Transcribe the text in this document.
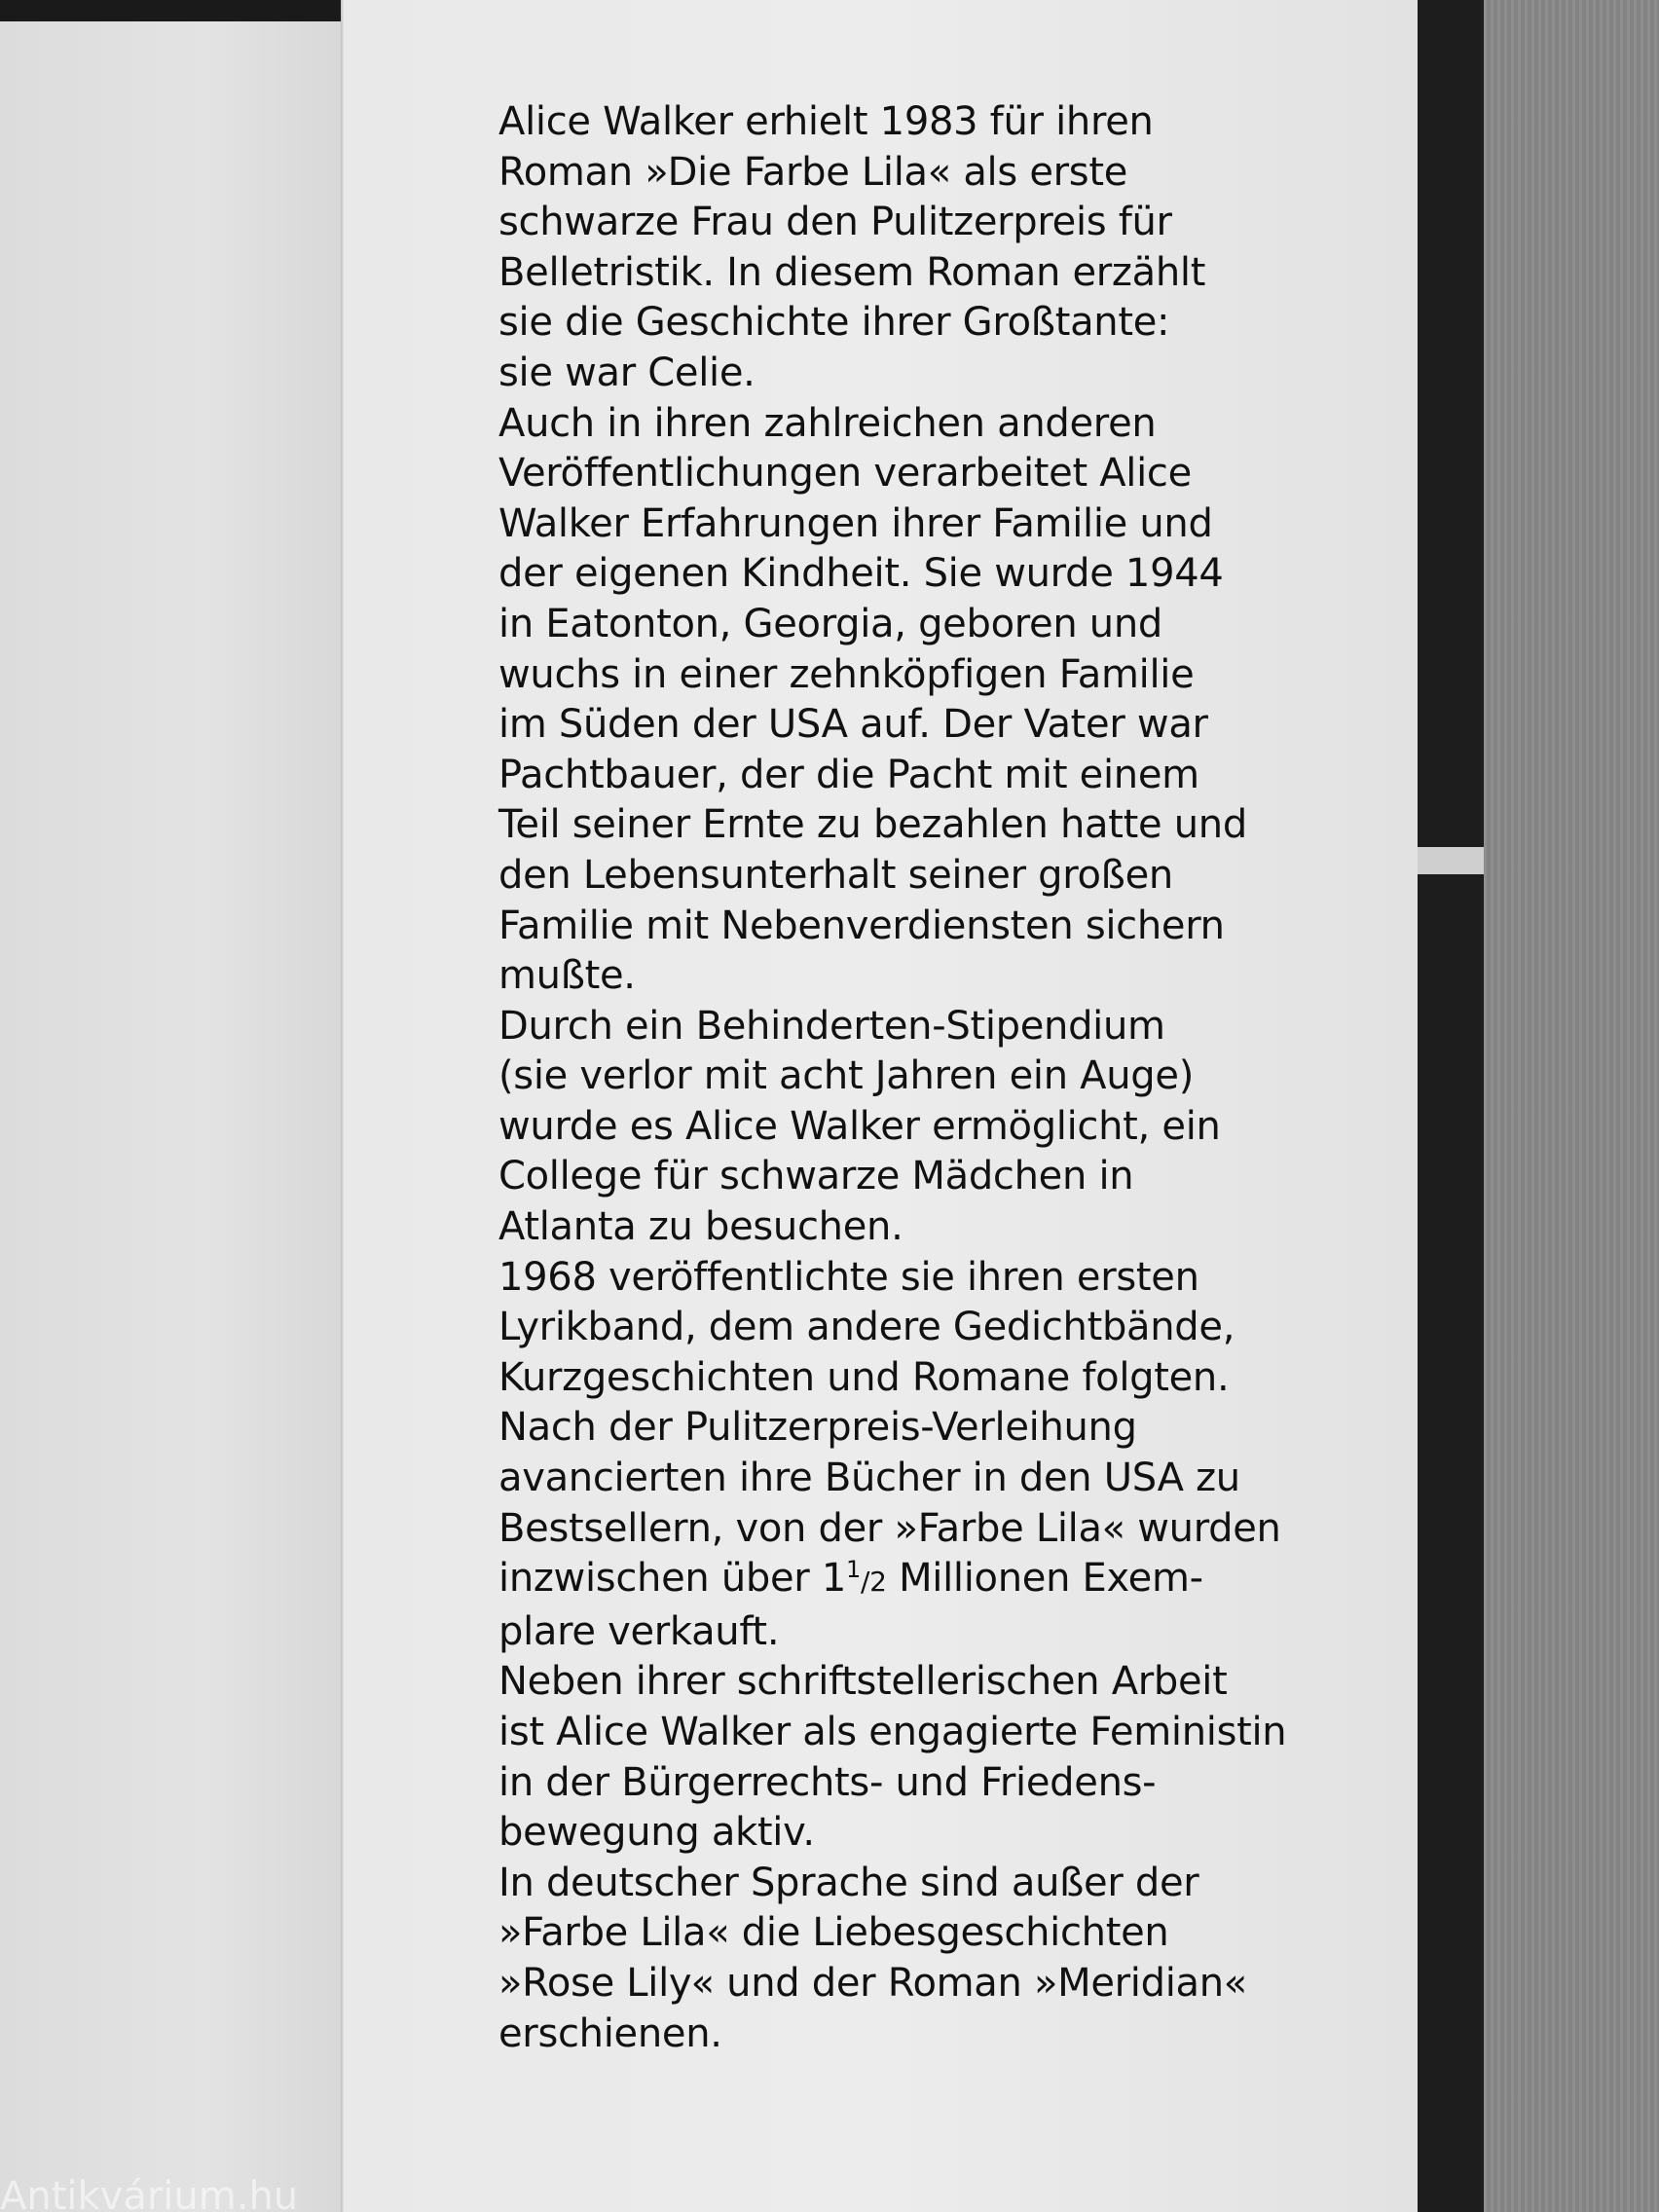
Alice Walker erhielt 1983 für ihren
Roman »Die Farbe Lila« als erste
schwarze Frau den Pulitzerpreis für
Belletristik. In diesem Roman erzählt
sie die Geschichte ihrer Großtante:
sie war Celie.
Auch in ihren zahlreichen anderen
Veröffentlichungen verarbeitet Alice
Walker Erfahrungen ihrer Familie und
der eigenen Kindheit. Sie wurde 1944
in Eatonton, Georgia, geboren und
wuchs in einer zehnköpfigen Familie
im Süden der USA auf. Der Vater war
Pachtbauer, der die Pacht mit einem
Teil seiner Ernte zu bezahlen hatte und
den Lebensunterhalt seiner großen
Familie mit Nebenverdiensten sichern
mußte.
Durch ein Behinderten-Stipendium
(sie verlor mit acht Jahren ein Auge)
wurde es Alice Walker ermöglicht, ein
College für schwarze Mädchen in
Atlanta zu besuchen.
1968 veröffentlichte sie ihren ersten
Lyrikband, dem andere Gedichtbände,
Kurzgeschichten und Romane folgten.
Nach der Pulitzerpreis-Verleihung
avancierten ihre Bücher in den USA zu
Bestsellern, von der »Farbe Lila« wurden
inzwischen über $1^1/2$ Millionen Exem-
plare verkauft.
Neben ihrer schriftstellerischen Arbeit
ist Alice Walker als engagierte Feministin
in der Bürgerrechts- und Friedens-
bewegung aktiv.
In deutscher Sprache sind außer der
»Farbe Lila« die Liebesgeschichten
»Rose Lily« und der Roman »Meridian«
erschienen.
Antikvárium.hu
